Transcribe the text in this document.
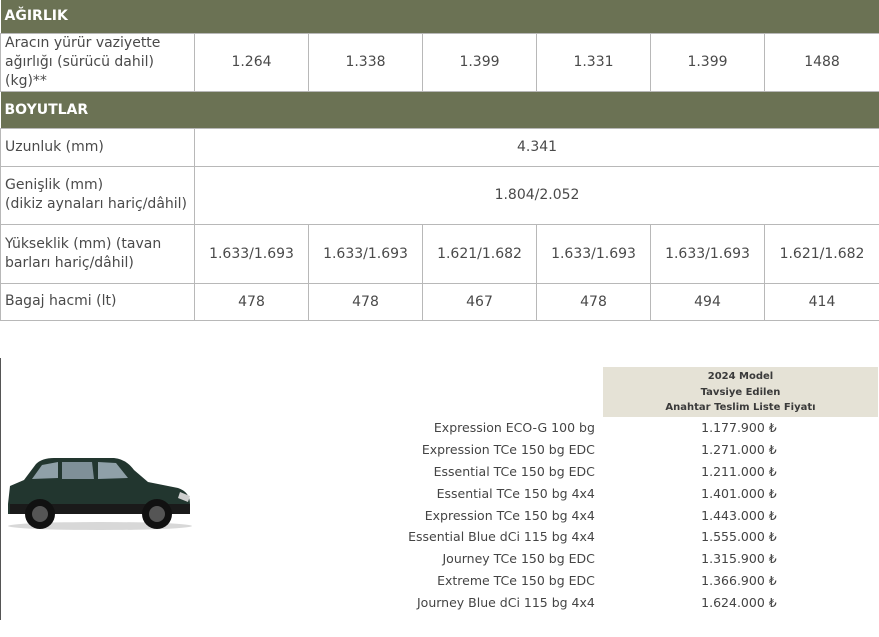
AĞIRLIK						
Aracın yürür vaziyette ağırlığı (sürücü dahil) (kg)**	1.264	1.338	1.399	1.331	1.399	1488
BOYUTLAR						
Uzunluk (mm)	4.341					
Genişlik (mm)
(dikiz aynaları hariç/dâhil)	1.804/2.052					
Yükseklik (mm) (tavan barları hariç/dâhil)	1.633/1.693	1.633/1.693	1.621/1.682	1.633/1.693	1.633/1.693	1.621/1.682
Bagaj hacmi (lt)	478	478	467	478	494	414
2024 Model
Tavsiye Edilen
Anahtar Teslim Liste Fiyatı
Expression ECO-G 100 bg	1.177.900 ₺
Expression TCe 150 bg EDC	1.271.000 ₺
Essential TCe 150 bg EDC	1.211.000 ₺
Essential TCe 150 bg 4x4	1.401.000 ₺
Expression TCe 150 bg 4x4	1.443.000 ₺
Essential Blue dCi 115 bg 4x4	1.555.000 ₺
Journey TCe 150 bg EDC	1.315.900 ₺
Extreme TCe 150 bg EDC	1.366.900 ₺
Journey Blue dCi 115 bg 4x4	1.624.000 ₺
